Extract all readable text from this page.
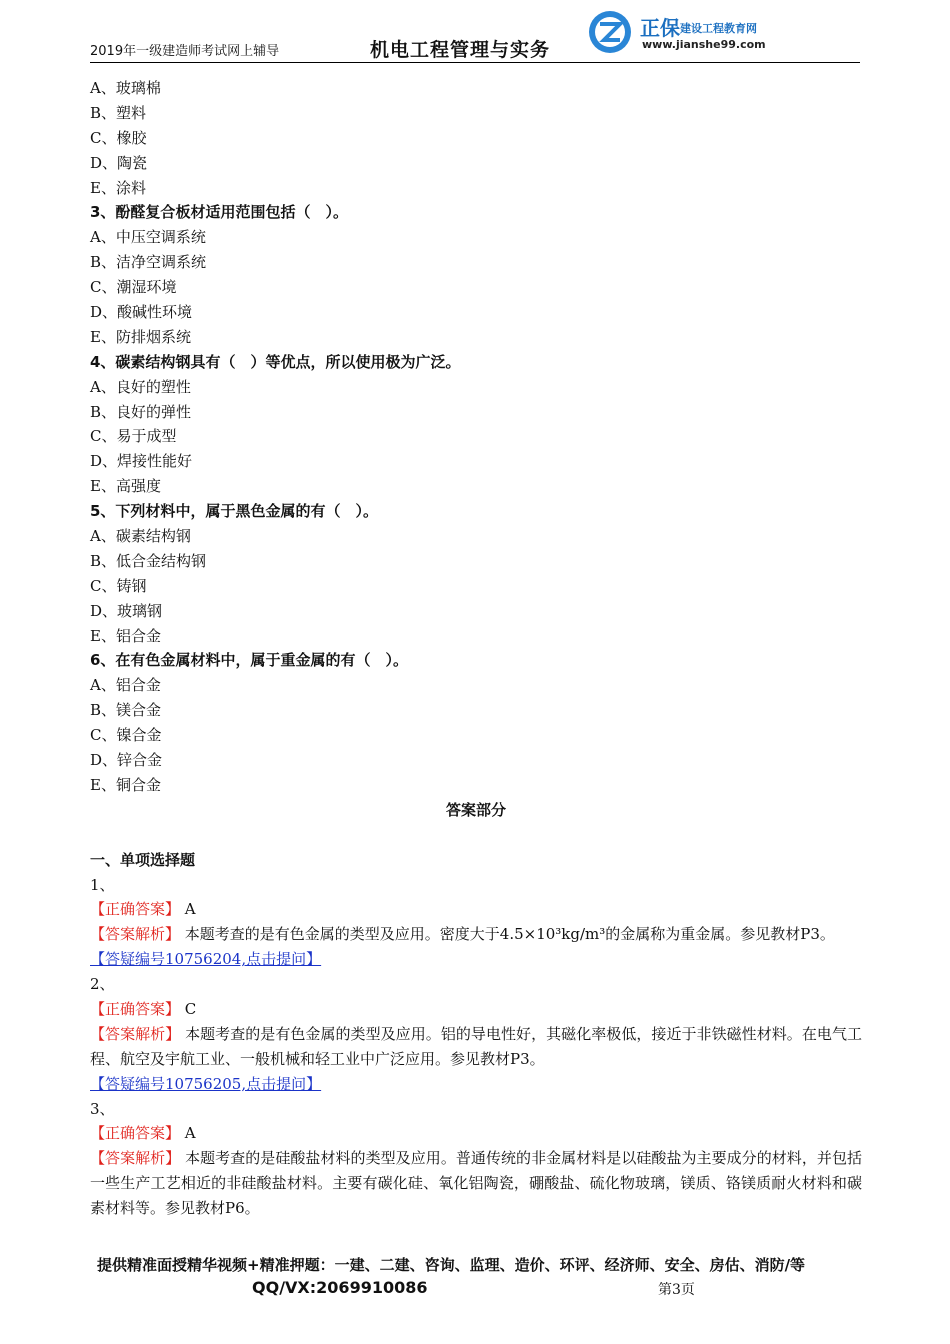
2019年一级建造师考试网上辅导	机电工程管理与实务
正保 建设工程教育网
www.jianshe99.com
A、玻璃棉
B、塑料
C、橡胶
D、陶瓷
E、涂料
3、酚醛复合板材适用范围包括（　）。
A、中压空调系统
B、洁净空调系统
C、潮湿环境
D、酸碱性环境
E、防排烟系统
4、碳素结构钢具有（　）等优点，所以使用极为广泛。
A、良好的塑性
B、良好的弹性
C、易于成型
D、焊接性能好
E、高强度
5、下列材料中，属于黑色金属的有（　）。
A、碳素结构钢
B、低合金结构钢
C、铸钢
D、玻璃钢
E、铝合金
6、在有色金属材料中，属于重金属的有（　）。
A、铝合金
B、镁合金
C、镍合金
D、锌合金
E、铜合金
答案部分
一、单项选择题
1、
【正确答案】 A
【答案解析】 本题考查的是有色金属的类型及应用。密度大于4.5×10³kg/m³的金属称为重金属。参见教材P3。
【答疑编号10756204,点击提问】
2、
【正确答案】 C
【答案解析】 本题考查的是有色金属的类型及应用。铝的导电性好，其磁化率极低，接近于非铁磁性材料。在电气工程、航空及宇航工业、一般机械和轻工业中广泛应用。参见教材P3。
【答疑编号10756205,点击提问】
3、
【正确答案】 A
【答案解析】 本题考查的是硅酸盐材料的类型及应用。普通传统的非金属材料是以硅酸盐为主要成分的材料，并包括一些生产工艺相近的非硅酸盐材料。主要有碳化硅、氧化铝陶瓷，硼酸盐、硫化物玻璃，镁质、铬镁质耐火材料和碳素材料等。参见教材P6。
提供精准面授精华视频+精准押题：一建、二建、咨询、监理、造价、环评、经济师、安全、房估、消防/等
QQ/VX:2069910086	第3页
